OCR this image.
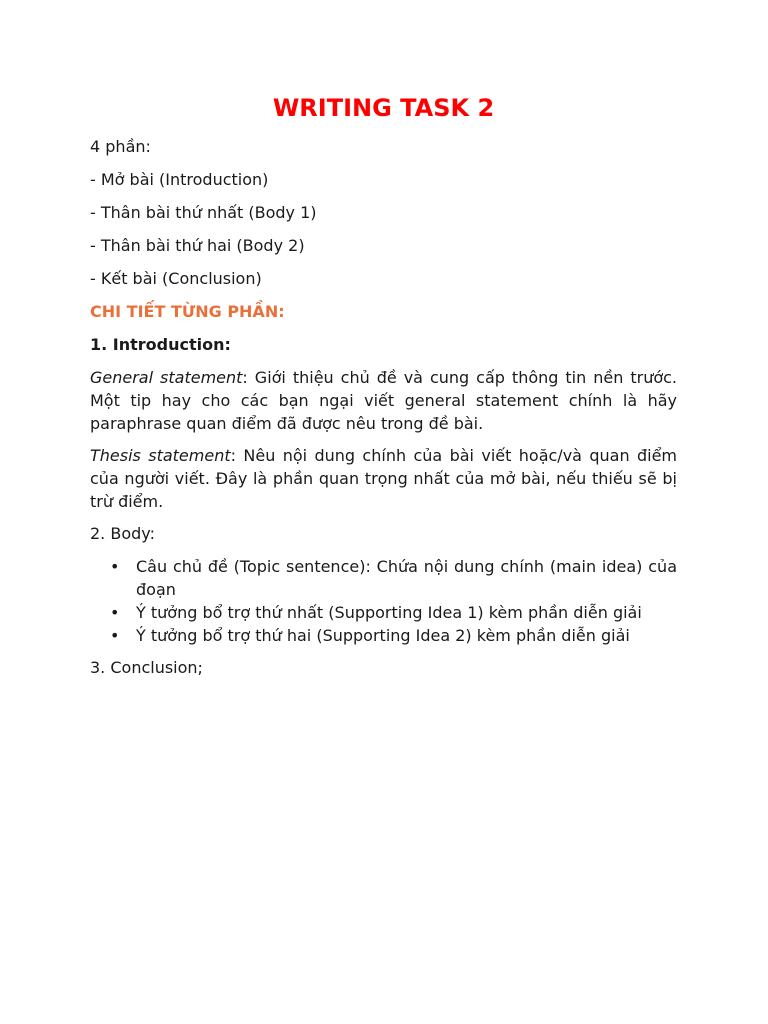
WRITING TASK 2

4 phần:

- Mở bài (Introduction)

- Thân bài thứ nhất (Body 1)

- Thân bài thứ hai (Body 2)

- Kết bài (Conclusion)

CHI TIẾT TỪNG PHẦN:

1. Introduction:

General statement: Giới thiệu chủ đề và cung cấp thông tin nền trước. Một tip hay cho các bạn ngại viết general statement chính là hãy paraphrase quan điểm đã được nêu trong đề bài.

Thesis statement: Nêu nội dung chính của bài viết hoặc/và quan điểm của người viết. Đây là phần quan trọng nhất của mở bài, nếu thiếu sẽ bị trừ điểm.

2. Body:

• Câu chủ đề (Topic sentence): Chứa nội dung chính (main idea) của đoạn
• Ý tưởng bổ trợ thứ nhất (Supporting Idea 1) kèm phần diễn giải
• Ý tưởng bổ trợ thứ hai (Supporting Idea 2) kèm phần diễn giải

3. Conclusion;
